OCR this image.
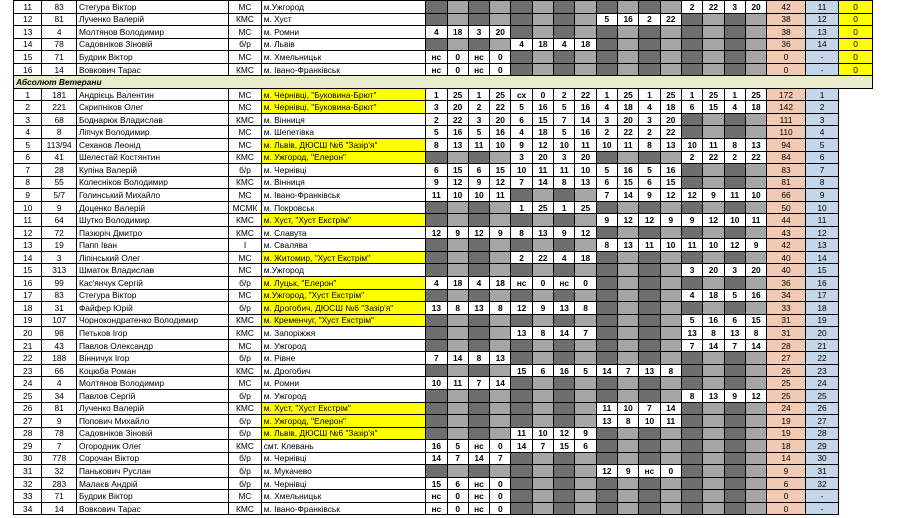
11	83	Стегура Віктор	МС	м.Ужгород													2	22	3	20	42	11	0
12	81	Лученко Валерій	КМС	м. Хуст									5	16	2	22					38	12	0
13	4	Молтянов Володимир	МС	м. Ромни	4	18	3	20													38	13	0
14	78	Садовніков Зіновій	б/р	м. Львів					4	18	4	18									36	14	0
15	71	Будрик Віктор	МС	м. Хмельницьк	нс	0	нс	0													0	-	0
16	14	Вовкович Тарас	КМС	м. Івано-Франківськ	нс	0	нс	0													0	-	0
Абсолют Ветерани																							
1	181	Андрієць Валентин	МС	м. Чернівці, "Буковина-Брют"	1	25	1	25	сх	0	2	22	1	25	1	25	1	25	1	25	172	1	
2	221	Скрипніков Олег	МС	м. Чернівці, "Буковина-Брют"	3	20	2	22	5	16	5	16	4	18	4	18	6	15	4	18	142	2	
3	68	Боднарюк Владислав	КМС	м. Вінниця	2	22	3	20	6	15	7	14	3	20	3	20					111	3	
4	8	Ліпчук Володимир	МС	м. Шепетівка	5	16	5	16	4	18	5	16	2	22	2	22					110	4	
5	113/94	Сеханов Леонід	МС	м. Львів, ДЮСШ №6 "Зазір'я"	8	13	11	10	9	12	10	11	10	11	8	13	10	11	8	13	94	5	
6	41	Шелестай Костянтин	КМС	м. Ужгород, "Елерон"					3	20	3	20					2	22	2	22	84	6	
7	28	Купіна Валерій	б/р	м. Чернівці	6	15	6	15	10	11	11	10	5	16	5	16					83	7	
8	55	Колесніков Володимир	КМС	м. Вінниця	9	12	9	12	7	14	8	13	6	15	6	15					81	8	
9	5/7	Голинський Михайло	МС	м. Івано-Франківськ	11	10	10	11					7	14	9	12	12	9	11	10	66	9	
10	9	Доценко Валерій	МСМК	м. Покровськ					1	25	1	25									50	10	
11	64	Шутко Володимир	КМС	м. Хуст, "Хуст Екстрім"									9	12	12	9	9	12	10	11	44	11	
12	72	Пазюріч Дмитро	КМС	м. Славута	12	9	12	9	8	13	9	12									43	12	
13	19	Папп Іван	І	м. Свалява									8	13	11	10	11	10	12	9	42	13	
14	3	Ліпінський Олег	МС	м. Житомир, "Хуст Екстрім"					2	22	4	18									40	14	
15	313	Шматок Владислав	МС	м.Ужгород													3	20	3	20	40	15	
16	99	Кас'янчук Сергій	б/р	м. Луцьк, "Елерон"	4	18	4	18	нс	0	нс	0									36	16	
17	83	Стегура Віктор	МС	м.Ужгород, "Хуст Екстрім"													4	18	5	16	34	17	
18	31	Файфер Юрій	б/р	м. Дрогобич, ДЮСШ №6 "Зазір'я"	13	8	13	8	12	9	13	8									33	18	
19	107	Чорнокондратенко Володимир	КМС	м. Кременчуг, "Хуст Екстрім"													5	16	6	15	31	19	
20	98	Петьков Ігор	КМС	м. Запоріжжя					13	8	14	7					13	8	13	8	31	20	
21	43	Павлов Олександр	МС	м. Ужгород													7	14	7	14	28	21	
22	188	Вінничук Ігор	б/р	м. Рівне	7	14	8	13													27	22	
23	66	Коцюба Роман	КМС	м. Дрогобич					15	6	16	5	14	7	13	8					26	23	
24	4	Молтянов Володимир	МС	м. Ромни	10	11	7	14													25	24	
25	34	Павлов Сергій	б/р	м. Ужгород													8	13	9	12	25	25	
26	81	Лученко Валерій	КМС	м. Хуст, "Хуст Екстрім"									11	10	7	14					24	26	
27	9	Попович Михайло	б/р	м. Ужгород, "Елерон"									13	8	10	11					19	27	
28	78	Садовніков Зіновій	б/р	м. Львів, ДЮСШ №6 "Зазір'я"					11	10	12	9									19	28	
29	7	Огородник Олег	КМС	смт. Клевань	16	5	нс	0	14	7	15	6									18	29	
30	778	Сорочан Віктор	б/р	м. Чернівці	14	7	14	7													14	30	
31	32	Панькович Руслан	б/р	м. Мукачево									12	9	нс	0					9	31	
32	283	Малаєв Андрій	б/р	м. Чернівці	15	6	нс	0													6	32	
33	71	Будрик Віктор	МС	м. Хмельницьк	нс	0	нс	0													0	-	
34	14	Вовкович Тарас	КМС	м. Івано-Франківськ	нс	0	нс	0													0	-	
